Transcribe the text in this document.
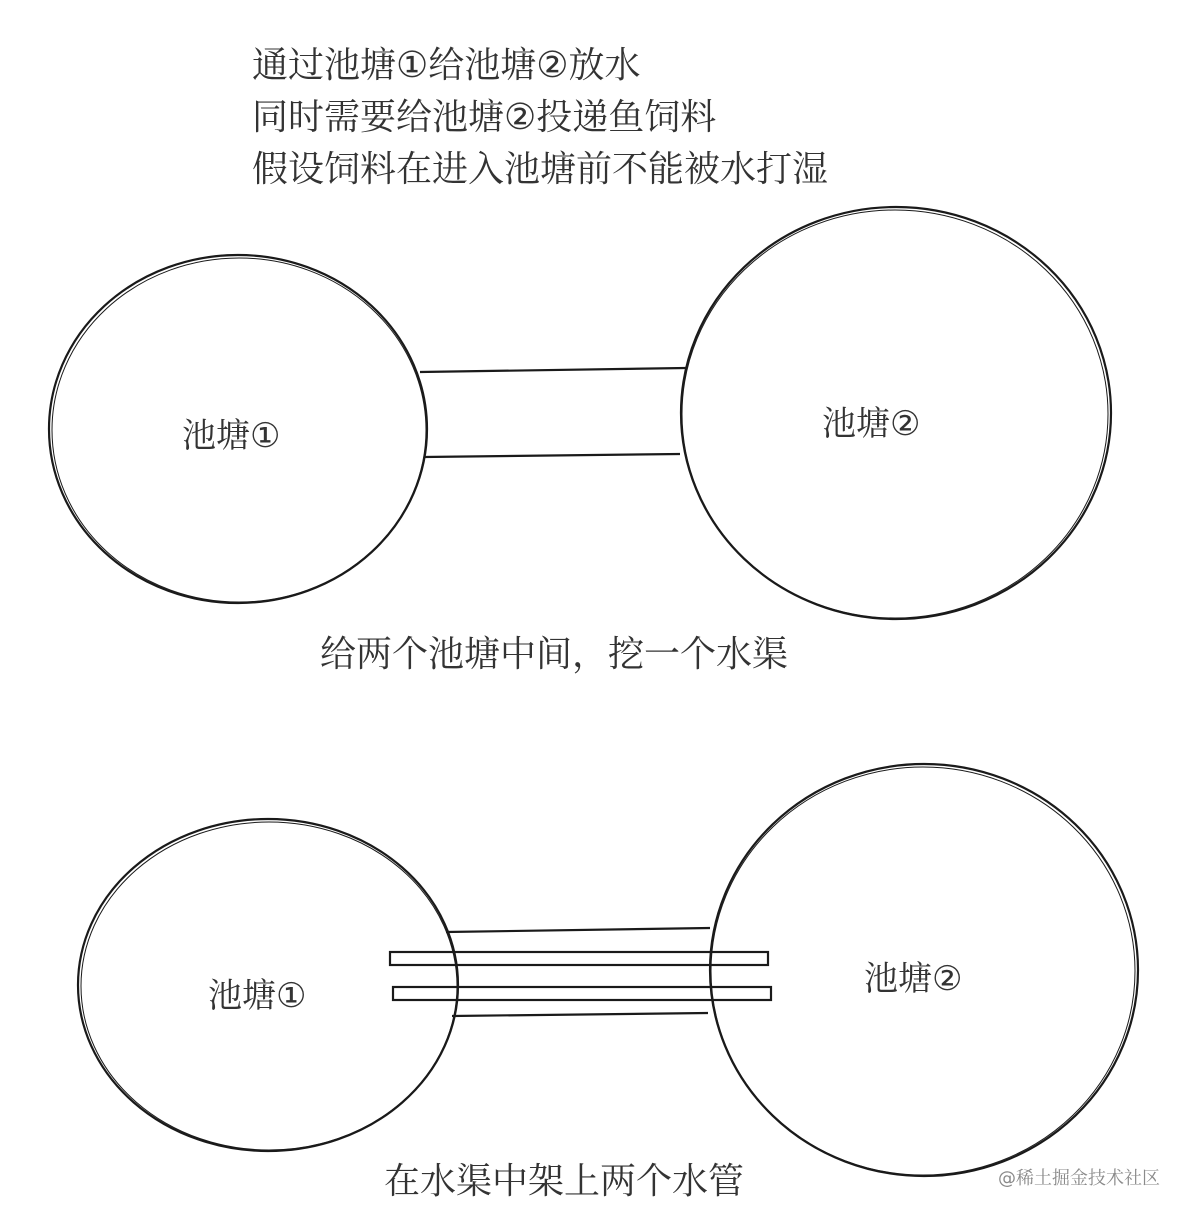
通过池塘①给池塘②放水
同时需要给池塘②投递鱼饲料
假设饲料在进入池塘前不能被水打湿
池塘①	池塘②
给两个池塘中间，挖一个水渠
池塘①	池塘②
在水渠中架上两个水管	@稀土掘金技术社区
